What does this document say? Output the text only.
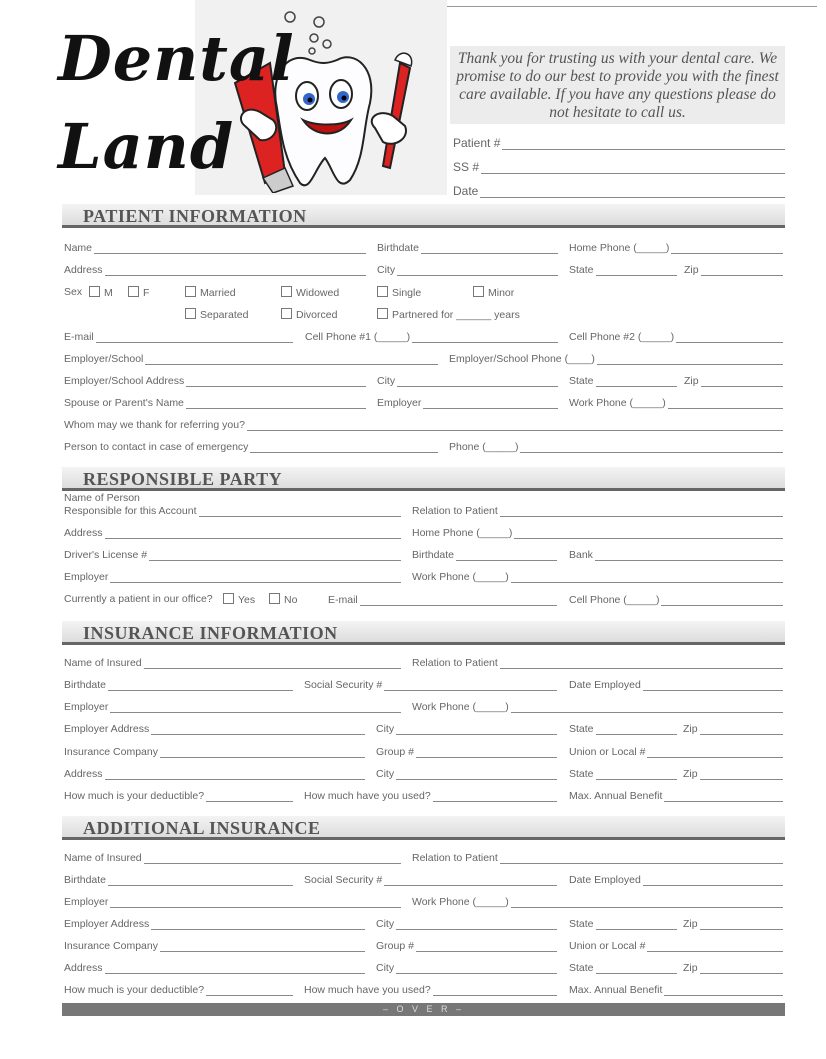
Dental
Land
Thank you for trusting us with your dental care. We promise to do our best to provide you with the finest care available. If you have any questions please do not hesitate to call us.
Patient #
SS #
Date
PATIENT INFORMATION
Name	Birthdate	Home Phone (_____)
Address	City	State	Zip
Sex	M	F	Married	Widowed	Single	Minor
Separated	Divorced	Partnered for ______ years
E-mail	Cell Phone #1 (_____)	Cell Phone #2 (_____)
Employer/School	Employer/School Phone (____)
Employer/School Address	City	State	Zip
Spouse or Parent's Name	Employer	Work Phone (_____)
Whom may we thank for referring you?
Person to contact in case of emergency	Phone (_____)
RESPONSIBLE PARTY
Name of Person
Responsible for this Account	Relation to Patient
Address	Home Phone (_____)
Driver's License #	Birthdate	Bank
Employer	Work Phone (_____)
Currently a patient in our office?	Yes	No	E-mail	Cell Phone (_____)
INSURANCE INFORMATION
Name of Insured	Relation to Patient
Birthdate	Social Security #	Date Employed
Employer	Work Phone (_____)
Employer Address	City	State	Zip
Insurance Company	Group #	Union or Local #
Address	City	State	Zip
How much is your deductible?	How much have you used?	Max. Annual Benefit
ADDITIONAL INSURANCE
Name of Insured	Relation to Patient
Birthdate	Social Security #	Date Employed
Employer	Work Phone (_____)
Employer Address	City	State	Zip
Insurance Company	Group #	Union or Local #
Address	City	State	Zip
How much is your deductible?	How much have you used?	Max. Annual Benefit
– O V E R –
